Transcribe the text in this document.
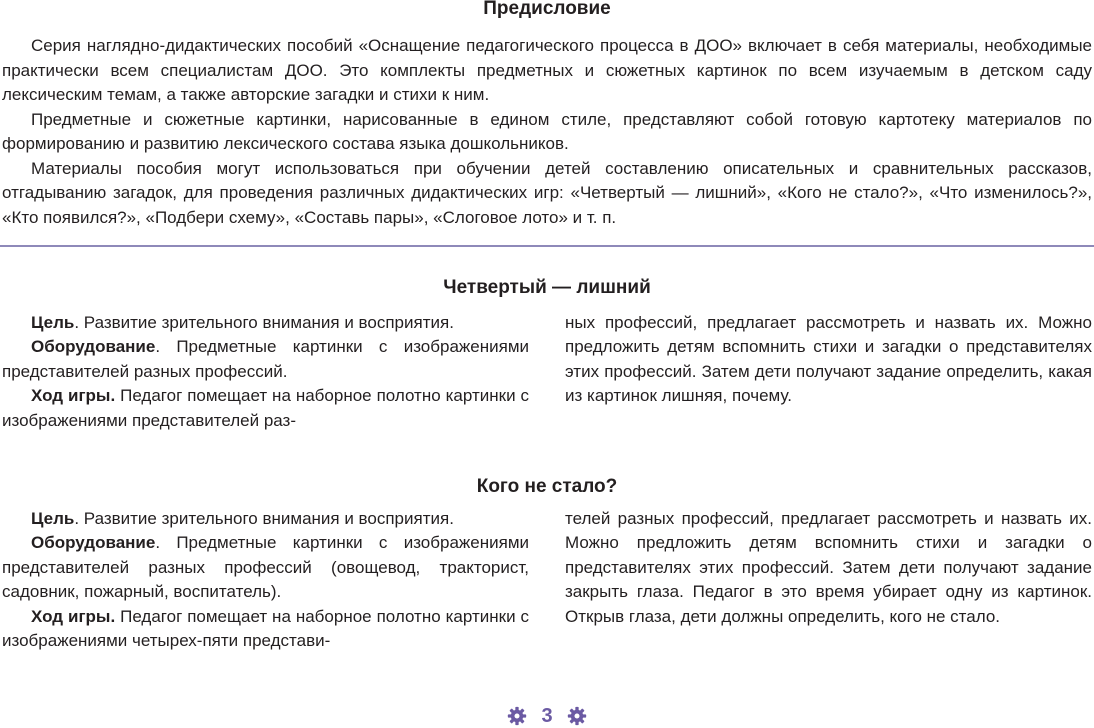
Предисловие

Серия наглядно-дидактических пособий «Оснащение педагогического процесса в ДОО» включает в себя материалы, необходимые практически всем специалистам ДОО. Это комплекты предметных и сюжетных картинок по всем изучаемым в детском саду лексическим темам, а также авторские загадки и стихи к ним.

Предметные и сюжетные картинки, нарисованные в едином стиле, представляют собой готовую картотеку материалов по формированию и развитию лексического состава языка дошкольников.

Материалы пособия могут использоваться при обучении детей составлению описательных и сравнительных рассказов, отгадыванию загадок, для проведения различных дидактических игр: «Четвертый — лишний», «Кого не стало?», «Что изменилось?», «Кто появился?», «Подбери схему», «Составь пары», «Слоговое лото» и т. п.

Четвертый — лишний

Цель. Развитие зрительного внимания и восприятия.

Оборудование. Предметные картинки с изображениями представителей разных профессий.

Ход игры. Педагог помещает на наборное полотно картинки с изображениями представителей раз-

ных профессий, предлагает рассмотреть и назвать их. Можно предложить детям вспомнить стихи и загадки о представителях этих профессий. Затем дети получают задание определить, какая из картинок лишняя, почему.

Кого не стало?

Цель. Развитие зрительного внимания и восприятия.

Оборудование. Предметные картинки с изображениями представителей разных профессий (овощевод, тракторист, садовник, пожарный, воспитатель).

Ход игры. Педагог помещает на наборное полотно картинки с изображениями четырех-пяти представи-

телей разных профессий, предлагает рассмотреть и назвать их. Можно предложить детям вспомнить стихи и загадки о представителях этих профессий. Затем дети получают задание закрыть глаза. Педагог в это время убирает одну из картинок. Открыв глаза, дети должны определить, кого не стало.

3
